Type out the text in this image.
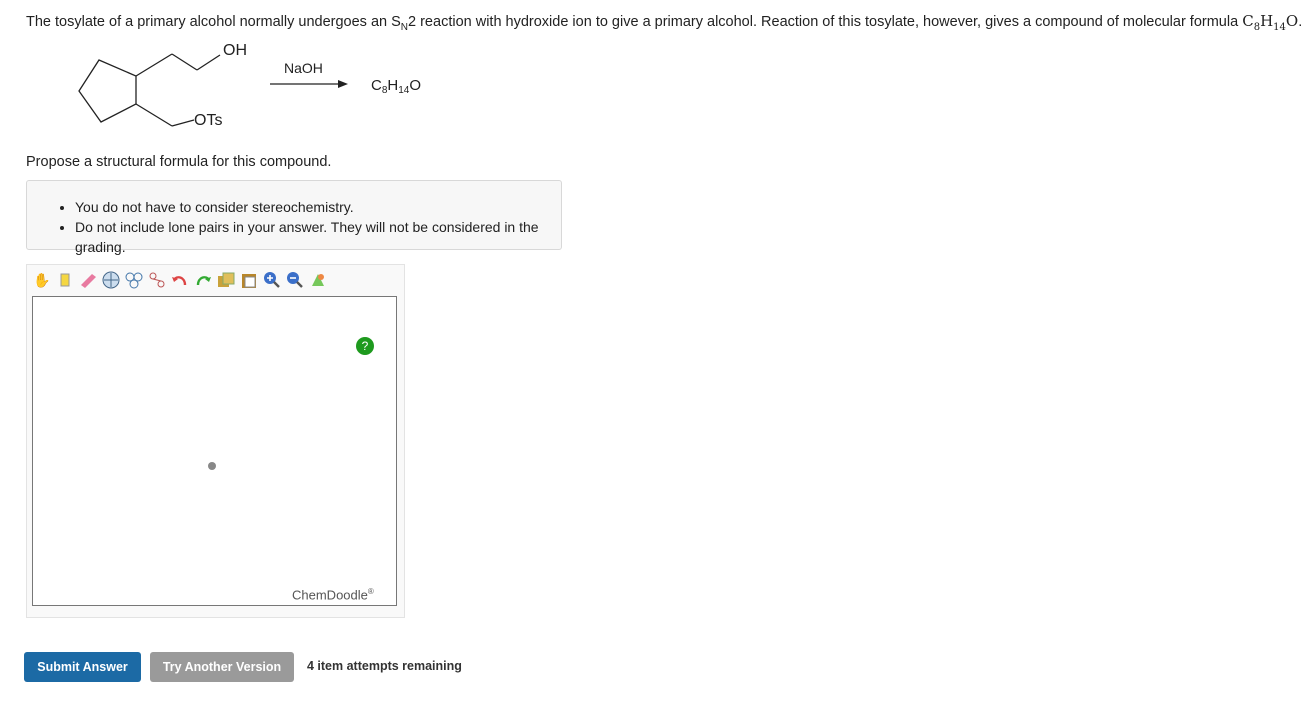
The tosylate of a primary alcohol normally undergoes an $S_N2$ reaction with hydroxide ion to give a primary alcohol. Reaction of this tosylate, however, gives a compound of molecular formula $C_8H_{14}O$.
OH
OTs
NaOH
$C_8H_{14}O$
Propose a structural formula for this compound.
• You do not have to consider stereochemistry.
• Do not include lone pairs in your answer. They will not be considered in the grading.
✋
?
ChemDoodle®
Submit Answer	Try Another Version	4 item attempts remaining
